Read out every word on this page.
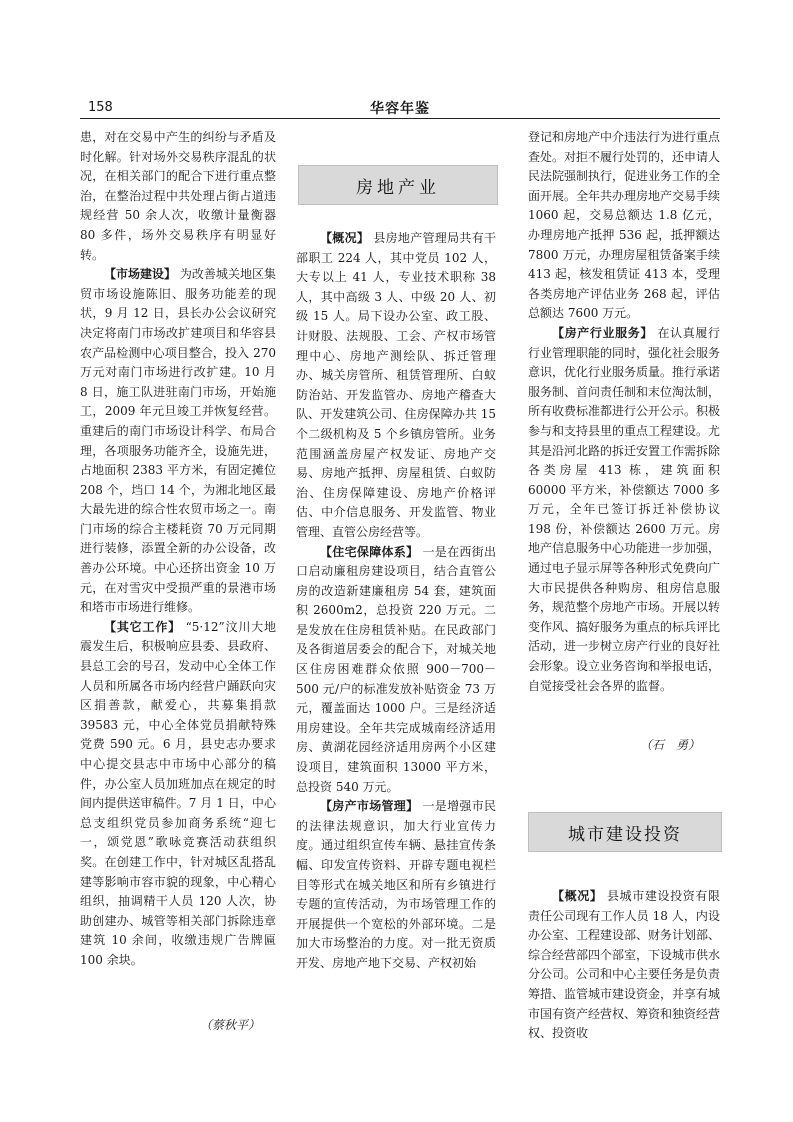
158	华容年鉴

患，对在交易中产生的纠纷与矛盾及时化解。针对场外交易秩序混乱的状况，在相关部门的配合下进行重点整治，在整治过程中共处理占街占道违规经营 50 余人次，收缴计量衡器 80 多件，场外交易秩序有明显好转。

【市场建设】 为改善城关地区集贸市场设施陈旧、服务功能差的现状，9 月 12 日，县长办公会议研究决定将南门市场改扩建项目和华容县农产品检测中心项目整合，投入 270 万元对南门市场进行改扩建。10 月 8 日，施工队进驻南门市场，开始施工，2009 年元旦竣工并恢复经营。重建后的南门市场设计科学、布局合理，各项服务功能齐全，设施先进，占地面积 2383 平方米，有固定摊位 208 个，垱口 14 个，为湘北地区最大最先进的综合性农贸市场之一。南门市场的综合主楼耗资 70 万元同期进行装修，添置全新的办公设备，改善办公环境。中心还挤出资金 10 万元，在对雪灾中受损严重的景港市场和塔市市场进行维修。

【其它工作】 “5·12”汶川大地震发生后，积极响应县委、县政府、县总工会的号召，发动中心全体工作人员和所属各市场内经营户踊跃向灾区捐善款，献爱心，共募集捐款 39583 元，中心全体党员捐献特殊党费 590 元。6 月，县史志办要求中心提交县志中市场中心部分的稿件，办公室人员加班加点在规定的时间内提供送审稿件。7 月 1 日，中心总支组织党员参加商务系统“迎七一，颂党恩”歌咏竞赛活动获组织奖。在创建工作中，针对城区乱搭乱建等影响市容市貌的现象，中心精心组织，抽调精干人员 120 人次，协助创建办、城管等相关部门拆除违章建筑 10 余间，收缴违规广告牌匾 100 余块。

（蔡秋平）
房地产业

【概况】 县房地产管理局共有干部职工 224 人，其中党员 102 人，大专以上 41 人，专业技术职称 38 人，其中高级 3 人、中级 20 人、初级 15 人。局下设办公室、政工股、计财股、法规股、工会、产权市场管理中心、房地产测绘队、拆迁管理办、城关房管所、租赁管理所、白蚁防治站、开发监管办、房地产稽查大队、开发建筑公司、住房保障办共 15 个二级机构及 5 个乡镇房管所。业务范围涵盖房屋产权发证、房地产交易、房地产抵押、房屋租赁、白蚁防治、住房保障建设、房地产价格评估、中介信息服务、开发监管、物业管理、直管公房经营等。

【住宅保障体系】 一是在西街出口启动廉租房建设项目，结合直管公房的改造新建廉租房 54 套，建筑面积 2600m2，总投资 220 万元。二是发放在住房租赁补贴。在民政部门及各街道居委会的配合下，对城关地区住房困难群众依照 900－700－500 元/户的标准发放补贴资金 73 万元，覆盖面达 1000 户。三是经济适用房建设。全年共完成城南经济适用房、黄湖花园经济适用房两个小区建设项目，建筑面积 13000 平方米，总投资 540 万元。

【房产市场管理】 一是增强市民的法律法规意识，加大行业宣传力度。通过组织宣传车辆、悬挂宣传条幅、印发宣传资料、开辟专题电视栏目等形式在城关地区和所有乡镇进行专题的宣传活动，为市场管理工作的开展提供一个宽松的外部环境。二是加大市场整治的力度。对一批无资质开发、房地产地下交易、产权初始

登记和房地产中介违法行为进行重点查处。对拒不履行处罚的，还申请人民法院强制执行，促进业务工作的全面开展。全年共办理房地产交易手续 1060 起，交易总额达 1.8 亿元，办理房地产抵押 536 起，抵押额达 7800 万元，办理房屋租赁备案手续 413 起，核发租赁证 413 本，受理各类房地产评估业务 268 起，评估总额达 7600 万元。

【房产行业服务】 在认真履行行业管理职能的同时，强化社会服务意识，优化行业服务质量。推行承诺服务制、首问责任制和末位淘汰制，所有收费标准都进行公开公示。积极参与和支持县里的重点工程建设。尤其是沿河北路的拆迁安置工作需拆除各类房屋 413 栋，建筑面积 60000 平方米，补偿额达 7000 多万元，全年已签订拆迁补偿协议 198 份，补偿额达 2600 万元。房地产信息服务中心功能进一步加强，通过电子显示屏等各种形式免费向广大市民提供各种购房、租房信息服务，规范整个房地产市场。开展以转变作风、搞好服务为重点的标兵评比活动，进一步树立房产行业的良好社会形象。设立业务咨询和举报电话，自觉接受社会各界的监督。

（石　勇）
城市建设投资

【概况】 县城市建设投资有限责任公司现有工作人员 18 人，内设办公室、工程建设部、财务计划部、综合经营部四个部室，下设城市供水分公司。公司和中心主要任务是负责筹措、监管城市建设资金，并享有城市国有资产经营权、筹资和独资经营权、投资收
